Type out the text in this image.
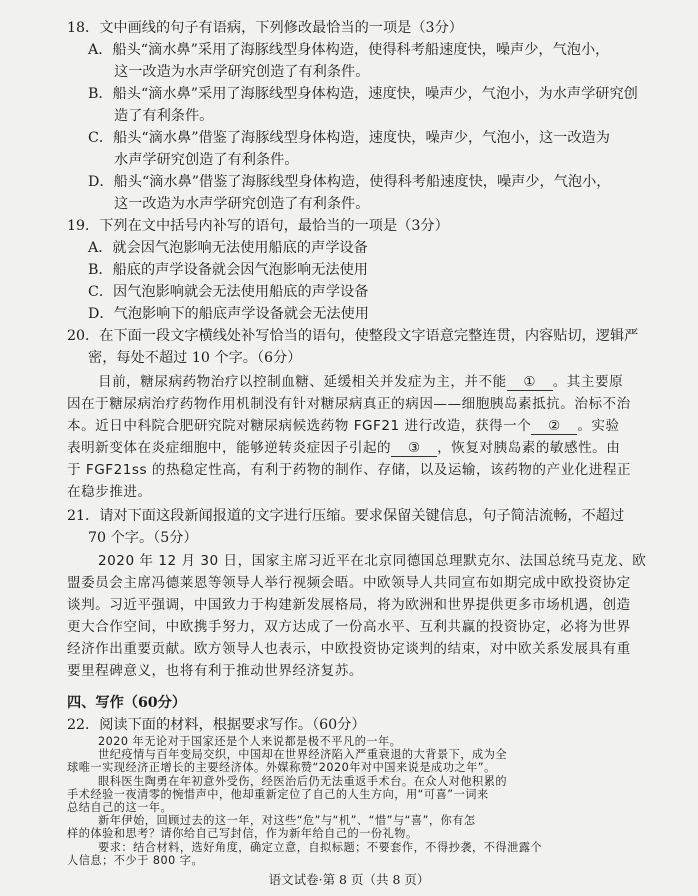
18．文中画线的句子有语病，下列修改最恰当的一项是（3分）
A．船头“滴水鼻”采用了海豚线型身体构造，使得科考船速度快，噪声少，气泡小，
这一改造为水声学研究创造了有利条件。
B．船头“滴水鼻”采用了海豚线型身体构造，速度快，噪声少，气泡小，为水声学研究创
造了有利条件。
C．船头“滴水鼻”借鉴了海豚线型身体构造，速度快，噪声少，气泡小，这一改造为
水声学研究创造了有利条件。
D．船头“滴水鼻”借鉴了海豚线型身体构造，使得科考船速度快，噪声少，气泡小，
这一改造为水声学研究创造了有利条件。
19．下列在文中括号内补写的语句，最恰当的一项是（3分）
A．就会因气泡影响无法使用船底的声学设备
B．船底的声学设备就会因气泡影响无法使用
C．因气泡影响就会无法使用船底的声学设备
D．气泡影响下的船底声学设备就会无法使用
20．在下面一段文字横线处补写恰当的语句，使整段文字语意完整连贯，内容贴切，逻辑严
密，每处不超过 10 个字。（6分）
目前，糖尿病药物治疗以控制血糖、延缓相关并发症为主，并不能 ① 。其主要原
因在于糖尿病治疗药物作用机制没有针对糖尿病真正的病因——细胞胰岛素抵抗。治标不治
本。近日中科院合肥研究院对糖尿病候选药物 FGF21 进行改造，获得一个 ② 。实验
表明新变体在炎症细胞中，能够逆转炎症因子引起的 ③ ，恢复对胰岛素的敏感性。由
于 FGF21ss 的热稳定性高，有利于药物的制作、存储，以及运输，该药物的产业化进程正
在稳步推进。
21．请对下面这段新闻报道的文字进行压缩。要求保留关键信息，句子简洁流畅，不超过
70 个字。（5分）
2020 年 12 月 30 日，国家主席习近平在北京同德国总理默克尔、法国总统马克龙、欧
盟委员会主席冯德莱恩等领导人举行视频会晤。中欧领导人共同宣布如期完成中欧投资协定
谈判。习近平强调，中国致力于构建新发展格局，将为欧洲和世界提供更多市场机遇，创造
更大合作空间，中欧携手努力，双方达成了一份高水平、互利共赢的投资协定，必将为世界
经济作出重要贡献。欧方领导人也表示，中欧投资协定谈判的结束，对中欧关系发展具有重
要里程碑意义，也将有利于推动世界经济复苏。
四、写作（60分）
22．阅读下面的材料，根据要求写作。（60分）
2020 年无论对于国家还是个人来说都是极不平凡的一年。
世纪疫情与百年变局交织，中国却在世界经济陷入严重衰退的大背景下，成为全
球唯一实现经济正增长的主要经济体。外媒称赞“2020年对中国来说是成功之年”。
眼科医生陶勇在年初意外受伤，经医治后仍无法重返手术台。在众人对他积累的
手术经验一夜清零的惋惜声中，他却重新定位了自己的人生方向，用“可喜”一词来
总结自己的这一年。
新年伊始，回顾过去的这一年，对这些“危”与“机”、“惜”与“喜”，你有怎
样的体验和思考？请你给自己写封信，作为新年给自己的一份礼物。
要求：结合材料，选好角度，确定立意，自拟标题；不要套作，不得抄袭，不得泄露个
人信息；不少于 800 字。
语文试卷·第 8 页（共 8 页）
